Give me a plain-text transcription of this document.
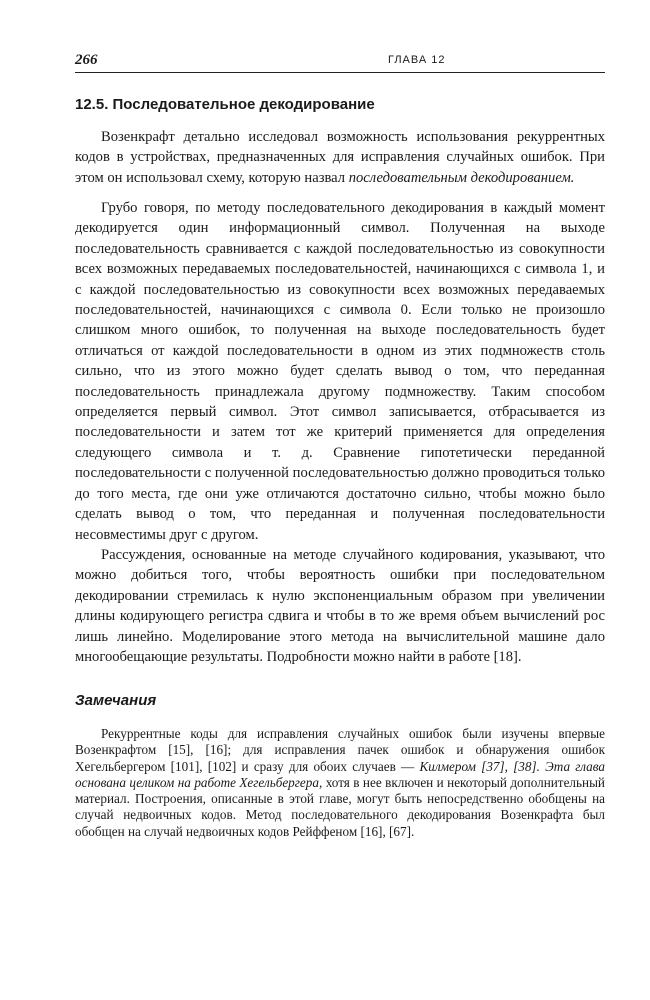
266	ГЛАВА 12
12.5. Последовательное декодирование

Возенкрафт детально исследовал возможность использования рекуррентных кодов в устройствах, предназначенных для исправления случайных ошибок. При этом он использовал схему, которую назвал последовательным декодированием.

Грубо говоря, по методу последовательного декодирования в каждый момент декодируется один информационный символ. Полученная на выходе последовательность сравнивается с каждой последовательностью из совокупности всех возможных передаваемых последовательностей, начинающихся с символа 1, и с каждой последовательностью из совокупности всех возможных передаваемых последовательностей, начинающихся с символа 0. Если только не произошло слишком много ошибок, то полученная на выходе последовательность будет отличаться от каждой последовательности в одном из этих подмножеств столь сильно, что из этого можно будет сделать вывод о том, что переданная последовательность принадлежала другому подмножеству. Таким способом определяется первый символ. Этот символ записывается, отбрасывается из последовательности и затем тот же критерий применяется для определения следующего символа и т. д. Сравнение гипотетически переданной последовательности с полученной последовательностью должно проводиться только до того места, где они уже отличаются достаточно сильно, чтобы можно было сделать вывод о том, что переданная и полученная последовательности несовместимы друг с другом.

Рассуждения, основанные на методе случайного кодирования, указывают, что можно добиться того, чтобы вероятность ошибки при последовательном декодировании стремилась к нулю экспоненциальным образом при увеличении длины кодирующего регистра сдвига и чтобы в то же время объем вычислений рос лишь линейно. Моделирование этого метода на вычислительной машине дало многообещающие результаты. Подробности можно найти в работе [18].

Замечания

Рекуррентные коды для исправления случайных ошибок были изучены впервые Возенкрафтом [15], [16]; для исправления пачек ошибок и обнаружения ошибок Хегельбергером [101], [102] и сразу для обоих случаев — Килмером [37], [38]. Эта глава основана целиком на работе Хегельбергера, хотя в нее включен и некоторый дополнительный материал. Построения, описанные в этой главе, могут быть непосредственно обобщены на случай недвоичных кодов. Метод последовательного декодирования Возенкрафта был обобщен на случай недвоичных кодов Рейффеном [16], [67].
